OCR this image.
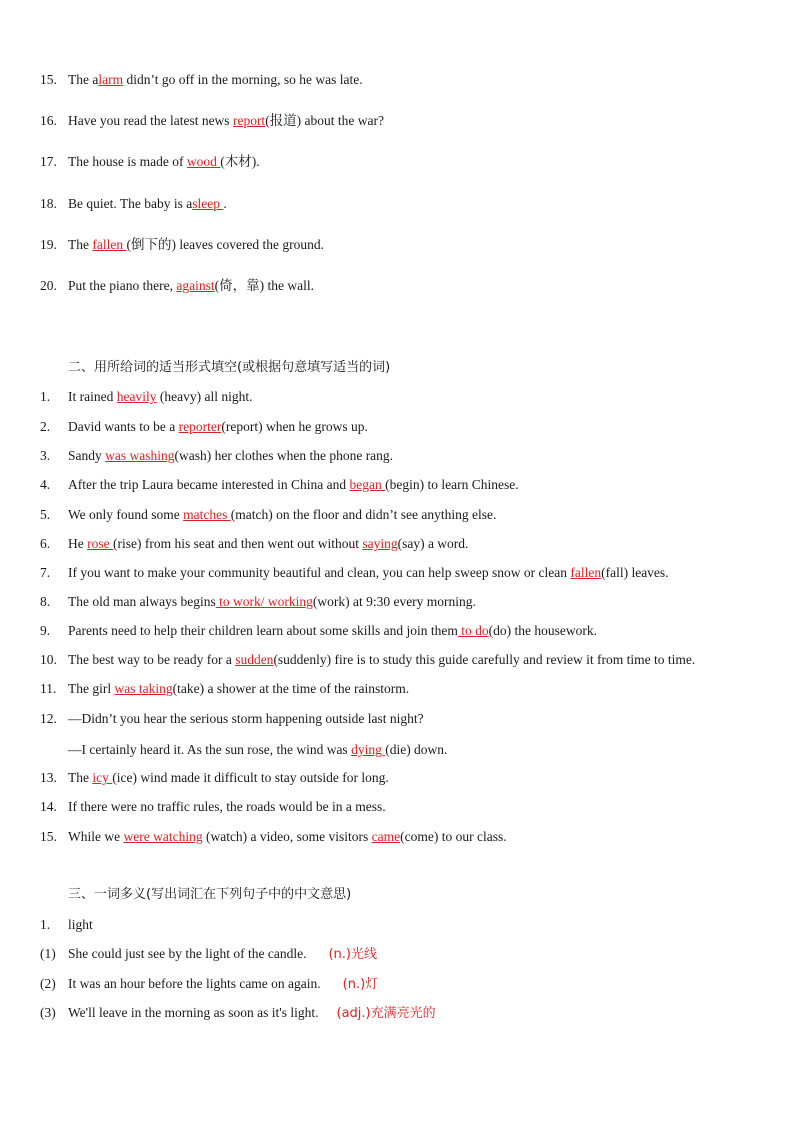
15. The alarm didn’t go off in the morning, so he was late.
16. Have you read the latest news report(报道) about the war?
17. The house is made of wood (木材).
18. Be quiet. The baby is asleep .
19. The fallen (倒下的) leaves covered the ground.
20. Put the piano there, against(倚，靠) the wall.
二、用所给词的适当形式填空(或根据句意填写适当的词)
1. It rained heavily (heavy) all night.
2. David wants to be a reporter(report) when he grows up.
3. Sandy was washing(wash) her clothes when the phone rang.
4. After the trip Laura became interested in China and began (begin) to learn Chinese.
5. We only found some matches (match) on the floor and didn’t see anything else.
6. He rose (rise) from his seat and then went out without saying(say) a word.
7. If you want to make your community beautiful and clean, you can help sweep snow or clean fallen(fall) leaves.
8. The old man always begins to work/ working(work) at 9:30 every morning.
9. Parents need to help their children learn about some skills and join them to do(do) the housework.
10. The best way to be ready for a sudden(suddenly) fire is to study this guide carefully and review it from time to time.
11. The girl was taking(take) a shower at the time of the rainstorm.
12. —Didn’t you hear the serious storm happening outside last night?
—I certainly heard it. As the sun rose, the wind was dying (die) down.
13. The icy (ice) wind made it difficult to stay outside for long.
14. If there were no traffic rules, the roads would be in a mess.
15. While we were watching (watch) a video, some visitors came(come) to our class.
三、一词多义(写出词汇在下列句子中的中文意思)
1. light
(1) She could just see by the light of the candle. (n.)光线
(2) It was an hour before the lights came on again. (n.)灯
(3) We'll leave in the morning as soon as it's light. (adj.)充满亮光的
